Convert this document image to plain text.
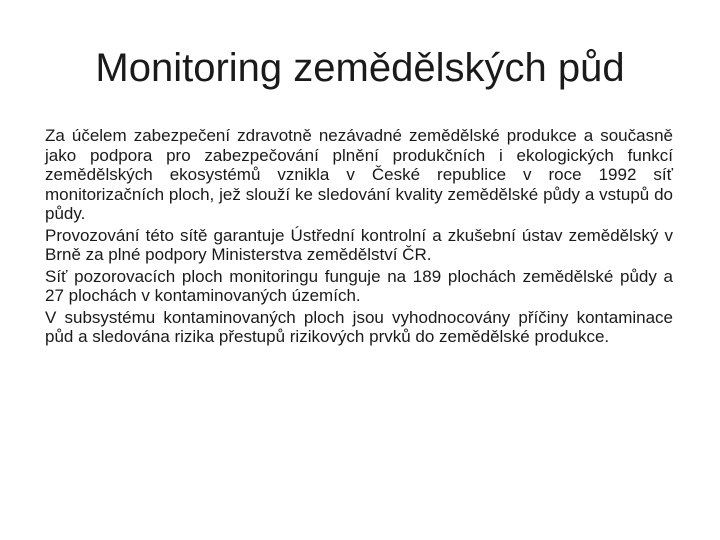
Monitoring zemědělských půd

Za účelem zabezpečení zdravotně nezávadné zemědělské produkce a současně jako podpora pro zabezpečování plnění produkčních i ekologických funkcí zemědělských ekosystémů vznikla v České republice v roce 1992 síť monitorizačních ploch, jež slouží ke sledování kvality zemědělské půdy a vstupů do půdy.

Provozování této sítě garantuje Ústřední kontrolní a zkušební ústav zemědělský v Brně za plné podpory Ministerstva zemědělství ČR.

Síť pozorovacích ploch monitoringu funguje na 189 plochách zemědělské půdy a 27 plochách v kontaminovaných územích.

V subsystému kontaminovaných ploch jsou vyhodnocovány příčiny kontaminace půd a sledována rizika přestupů rizikových prvků do zemědělské produkce.
